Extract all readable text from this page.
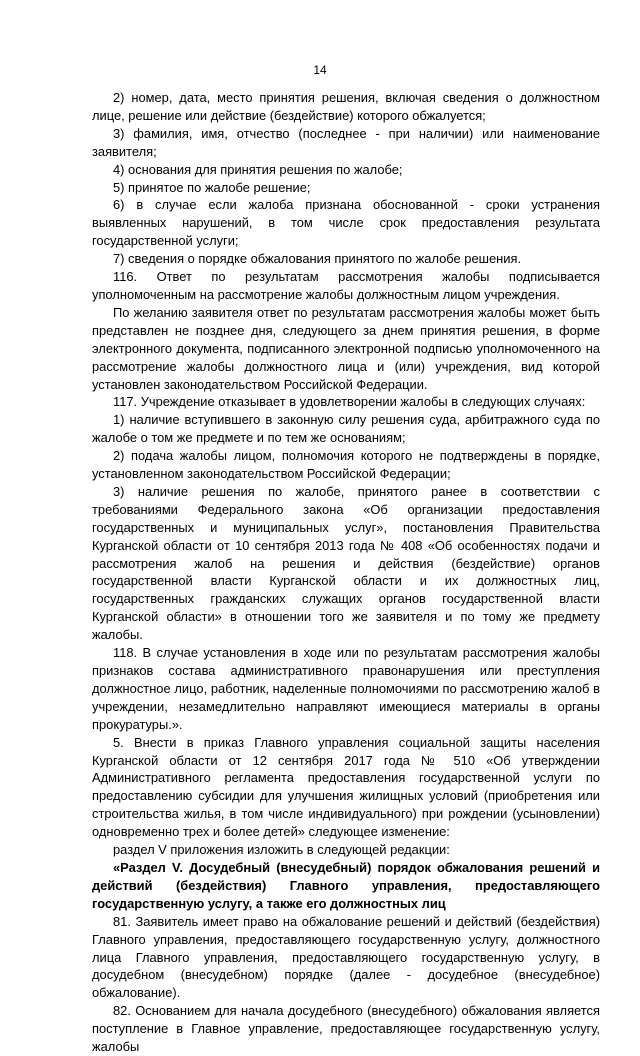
14

2) номер, дата, место принятия решения, включая сведения о должностном лице, решение или действие (бездействие) которого обжалуется;

3) фамилия, имя, отчество (последнее - при наличии) или наименование заявителя;

4) основания для принятия решения по жалобе;

5) принятое по жалобе решение;

6) в случае если жалоба признана обоснованной - сроки устранения выявленных нарушений, в том числе срок предоставления результата государственной услуги;

7) сведения о порядке обжалования принятого по жалобе решения.

116. Ответ по результатам рассмотрения жалобы подписывается уполномоченным на рассмотрение жалобы должностным лицом учреждения.

По желанию заявителя ответ по результатам рассмотрения жалобы может быть представлен не позднее дня, следующего за днем принятия решения, в форме электронного документа, подписанного электронной подписью уполномоченного на рассмотрение жалобы должностного лица и (или) учреждения, вид которой установлен законодательством Российской Федерации.

117. Учреждение отказывает в удовлетворении жалобы в следующих случаях:

1) наличие вступившего в законную силу решения суда, арбитражного суда по жалобе о том же предмете и по тем же основаниям;

2) подача жалобы лицом, полномочия которого не подтверждены в порядке, установленном законодательством Российской Федерации;

3) наличие решения по жалобе, принятого ранее в соответствии с требованиями Федерального закона «Об организации предоставления государственных и муниципальных услуг», постановления Правительства Курганской области от 10 сентября 2013 года № 408 «Об особенностях подачи и рассмотрения жалоб на решения и действия (бездействие) органов государственной власти Курганской области и их должностных лиц, государственных гражданских служащих органов государственной власти Курганской области» в отношении того же заявителя и по тому же предмету жалобы.

118. В случае установления в ходе или по результатам рассмотрения жалобы признаков состава административного правонарушения или преступления должностное лицо, работник, наделенные полномочиями по рассмотрению жалоб в учреждении, незамедлительно направляют имеющиеся материалы в органы прокуратуры.».

5. Внести в приказ Главного управления социальной защиты населения Курганской области от 12 сентября 2017 года № 510 «Об утверждении Административного регламента предоставления государственной услуги по предоставлению субсидии для улучшения жилищных условий (приобретения или строительства жилья, в том числе индивидуального) при рождении (усыновлении) одновременно трех и более детей» следующее изменение:

раздел V приложения изложить в следующей редакции:

«Раздел V. Досудебный (внесудебный) порядок обжалования решений и действий (бездействия) Главного управления, предоставляющего государственную услугу, а также его должностных лиц

81. Заявитель имеет право на обжалование решений и действий (бездействия) Главного управления, предоставляющего государственную услугу, должностного лица Главного управления, предоставляющего государственную услугу, в досудебном (внесудебном) порядке (далее - досудебное (внесудебное) обжалование).

82. Основанием для начала досудебного (внесудебного) обжалования является поступление в Главное управление, предоставляющее государственную услугу, жалобы
